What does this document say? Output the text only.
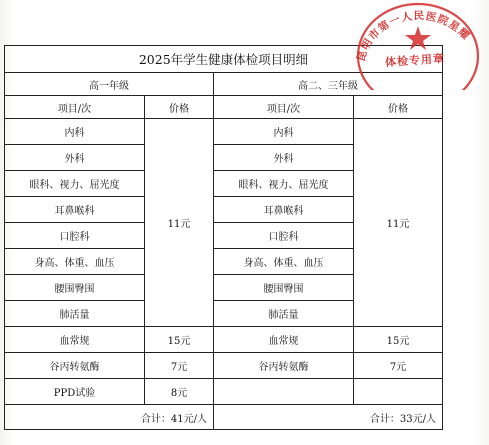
2025年学生健康体检项目明细			
高一年级		高二、三年级	
项目/次	价格	项目/次	价格
内科	11元	内科	11元
外科		外科	
眼科、视力、屈光度		眼科、视力、屈光度	
耳鼻喉科		耳鼻喉科	
口腔科		口腔科	
身高、体重、血压		身高、体重、血压	
腰围臀围		腰围臀围	
肺活量		肺活量	
血常规	15元	血常规	15元
谷丙转氨酶	7元	谷丙转氨酶	7元
PPD试验	8元		
合计：41元/人		合计：33元/人	
昆明市第一人民医院星耀
体检专用章
